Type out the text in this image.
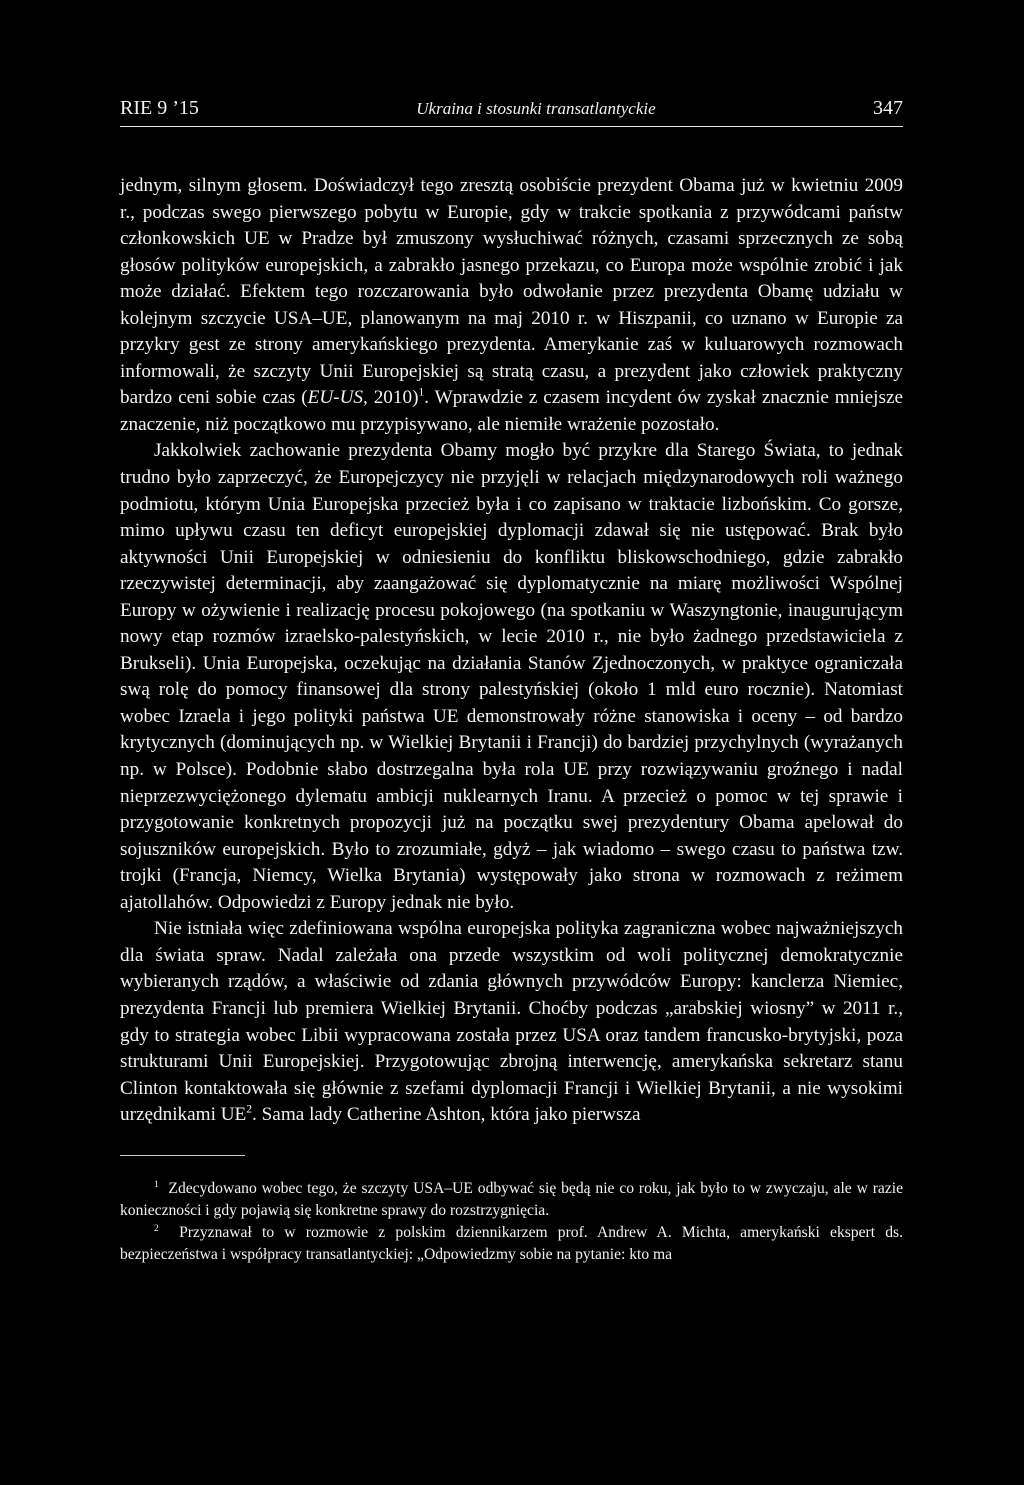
RIE 9 ’15	Ukraina i stosunki transatlantyckie	347

jednym, silnym głosem. Doświadczył tego zresztą osobiście prezydent Obama już w kwietniu 2009 r., podczas swego pierwszego pobytu w Europie, gdy w trakcie spotkania z przywódcami państw członkowskich UE w Pradze był zmuszony wysłuchiwać różnych, czasami sprzecznych ze sobą głosów polityków europejskich, a zabrakło jasnego przekazu, co Europa może wspólnie zrobić i jak może działać. Efektem tego rozczarowania było odwołanie przez prezydenta Obamę udziału w kolejnym szczycie USA–UE, planowanym na maj 2010 r. w Hiszpanii, co uznano w Europie za przykry gest ze strony amerykańskiego prezydenta. Amerykanie zaś w kuluarowych rozmowach informowali, że szczyty Unii Europejskiej są stratą czasu, a prezydent jako człowiek praktyczny bardzo ceni sobie czas (EU-US, 2010)$^1$. Wprawdzie z czasem incydent ów zyskał znacznie mniejsze znaczenie, niż początkowo mu przypisywano, ale niemiłe wrażenie pozostało.

Jakkolwiek zachowanie prezydenta Obamy mogło być przykre dla Starego Świata, to jednak trudno było zaprzeczyć, że Europejczycy nie przyjęli w relacjach międzynarodowych roli ważnego podmiotu, którym Unia Europejska przecież była i co zapisano w traktacie lizbońskim. Co gorsze, mimo upływu czasu ten deficyt europejskiej dyplomacji zdawał się nie ustępować. Brak było aktywności Unii Europejskiej w odniesieniu do konfliktu bliskowschodniego, gdzie zabrakło rzeczywistej determinacji, aby zaangażować się dyplomatycznie na miarę możliwości Wspólnej Europy w ożywienie i realizację procesu pokojowego (na spotkaniu w Waszyngtonie, inaugurującym nowy etap rozmów izraelsko-palestyńskich, w lecie 2010 r., nie było żadnego przedstawiciela z Brukseli). Unia Europejska, oczekując na działania Stanów Zjednoczonych, w praktyce ograniczała swą rolę do pomocy finansowej dla strony palestyńskiej (około 1 mld euro rocznie). Natomiast wobec Izraela i jego polityki państwa UE demonstrowały różne stanowiska i oceny – od bardzo krytycznych (dominujących np. w Wielkiej Brytanii i Francji) do bardziej przychylnych (wyrażanych np. w Polsce). Podobnie słabo dostrzegalna była rola UE przy rozwiązywaniu groźnego i nadal nieprzezwyciężonego dylematu ambicji nuklearnych Iranu. A przecież o pomoc w tej sprawie i przygotowanie konkretnych propozycji już na początku swej prezydentury Obama apelował do sojuszników europejskich. Było to zrozumiałe, gdyż – jak wiadomo – swego czasu to państwa tzw. trojki (Francja, Niemcy, Wielka Brytania) występowały jako strona w rozmowach z reżimem ajatollahów. Odpowiedzi z Europy jednak nie było.

Nie istniała więc zdefiniowana wspólna europejska polityka zagraniczna wobec najważniejszych dla świata spraw. Nadal zależała ona przede wszystkim od woli politycznej demokratycznie wybieranych rządów, a właściwie od zdania głównych przywódców Europy: kanclerza Niemiec, prezydenta Francji lub premiera Wielkiej Brytanii. Choćby podczas „arabskiej wiosny” w 2011 r., gdy to strategia wobec Libii wypracowana została przez USA oraz tandem francusko-brytyjski, poza strukturami Unii Europejskiej. Przygotowując zbrojną interwencję, amerykańska sekretarz stanu Clinton kontaktowała się głównie z szefami dyplomacji Francji i Wielkiej Brytanii, a nie wysokimi urzędnikami $UE^2$. Sama lady Catherine Ashton, która jako pierwsza

$^1$ Zdecydowano wobec tego, że szczyty USA–UE odbywać się będą nie co roku, jak było to w zwyczaju, ale w razie konieczności i gdy pojawią się konkretne sprawy do rozstrzygnięcia.

$^2$ Przyznawał to w rozmowie z polskim dziennikarzem prof. Andrew A. Michta, amerykański ekspert ds. bezpieczeństwa i współpracy transatlantyckiej: „Odpowiedzmy sobie na pytanie: kto ma
